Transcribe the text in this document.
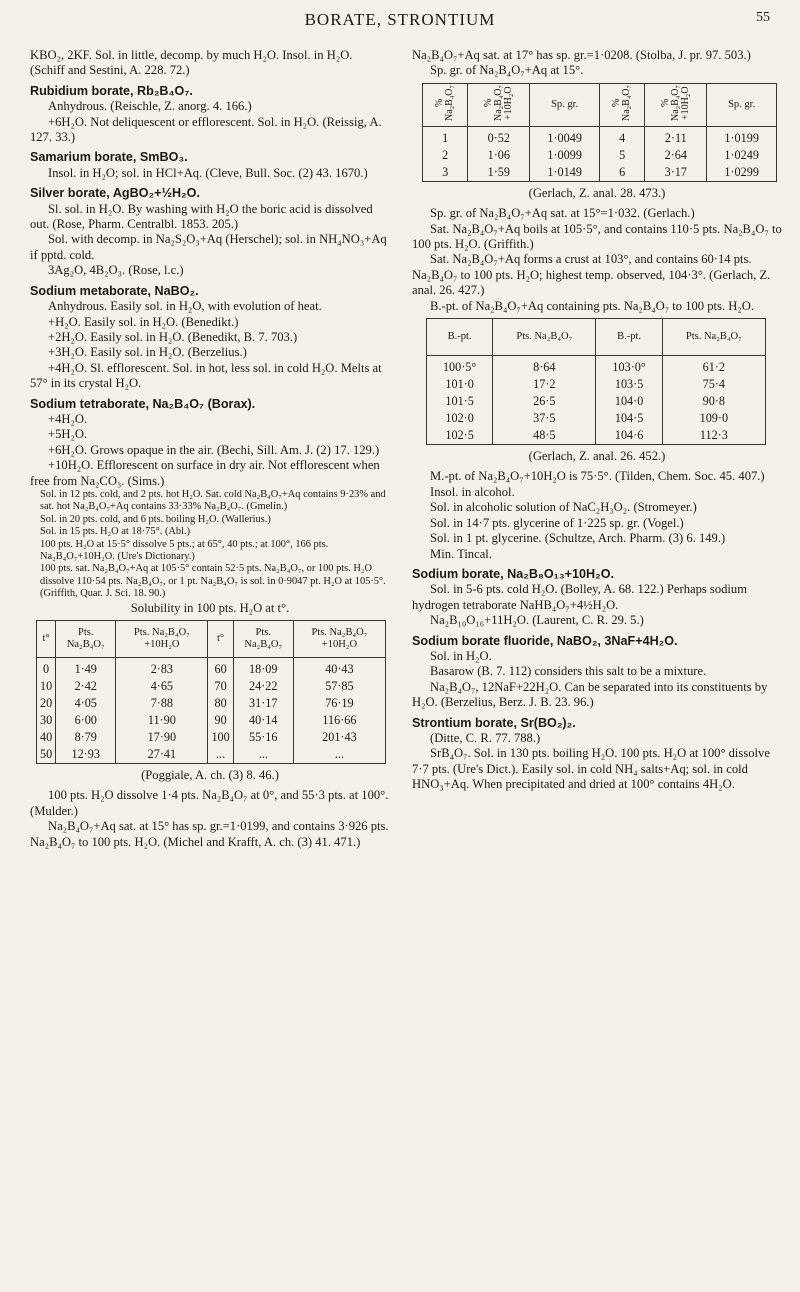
BORATE, STRONTIUM	55

KBO₂, 2KF. Sol. in little, decomp. by much H₂O. Insol. in H₂O. (Schiff and Sestini, A. 228. 72.)

Rubidium borate, Rb₂B₄O₇.

Anhydrous. (Reischle, Z. anorg. 4. 166.)

+6H₂O. Not deliquescent or efflorescent. Sol. in H₂O. (Reissig, A. 127. 33.)

Samarium borate, SmBO₃.

Insol. in H₂O; sol. in HCl+Aq. (Cleve, Bull. Soc. (2) 43. 1670.)

Silver borate, AgBO₂+½H₂O.

Sl. sol. in H₂O. By washing with H₂O the boric acid is dissolved out. (Rose, Pharm. Centralbl. 1853. 205.)

Sol. with decomp. in Na₂S₂O₃+Aq (Herschel); sol. in NH₄NO₃+Aq if pptd. cold.

3Ag₂O, 4B₂O₃. (Rose, l.c.)

Sodium metaborate, NaBO₂.

Anhydrous. Easily sol. in H₂O, with evolution of heat.

+H₂O. Easily sol. in H₂O. (Benedikt.)

+2H₂O. Easily sol. in H₂O. (Benedikt, B. 7. 703.)

+3H₂O. Easily sol. in H₂O. (Berzelius.)

+4H₂O. Sl. efflorescent. Sol. in hot, less sol. in cold H₂O. Melts at 57° in its crystal H₂O.

Sodium tetraborate, Na₂B₄O₇ (Borax).

+4H₂O.

+5H₂O.

+6H₂O. Grows opaque in the air. (Bechi, Sill. Am. J. (2) 17. 129.)

+10H₂O. Efflorescent on surface in dry air. Not efflorescent when free from Na₂CO₃. (Sims.)

Sol. in 12 pts. cold, and 2 pts. hot H₂O. Sat. cold Na₂B₄O₇+Aq contains 9·23% and sat. hot Na₂B₄O₇+Aq contains 33·33% Na₂B₄O₇. (Gmelin.)

Sol. in 20 pts. cold, and 6 pts. boiling H₂O. (Wallerius.)

Sol. in 15 pts. H₂O at 18·75°. (Abl.)

100 pts. H₂O at 15·5° dissolve 5 pts.; at 65°, 40 pts.; at 100°, 166 pts. Na₂B₄O₇+10H₂O. (Ure's Dictionary.)

100 pts. sat. Na₂B₄O₇+Aq at 105·5° contain 52·5 pts. Na₂B₄O₇, or 100 pts. H₂O dissolve 110·54 pts. Na₂B₄O₇, or 1 pt. Na₂B₄O₇ is sol. in 0·9047 pt. H₂O at 105·5°. (Griffith, Quar. J. Sci. 18. 90.)

Solubility in 100 pts. H₂O at t°.

t°	Pts. Na₂B₄O₇	Pts. Na₂B₄O₇ +10H₂O	t°	Pts. Na₂B₄O₇	Pts. Na₂B₄O₇ +10H₂O
0	1·49	2·83	60	18·09	40·43
10	2·42	4·65	70	24·22	57·85
20	4·05	7·88	80	31·17	76·19
30	6·00	11·90	90	40·14	116·66
40	8·79	17·90	100	55·16	201·43
50	12·93	27·41	...	...	...

(Poggiale, A. ch. (3) 8. 46.)

100 pts. H₂O dissolve 1·4 pts. Na₂B₄O₇ at 0°, and 55·3 pts. at 100°. (Mulder.)

Na₂B₄O₇+Aq sat. at 15° has sp. gr.=1·0199, and contains 3·926 pts. Na₂B₄O₇ to 100 pts. H₂O. (Michel and Krafft, A. ch. (3) 41. 471.)

Na₂B₄O₇+Aq sat. at 17° has sp. gr.=1·0208. (Stolba, J. pr. 97. 503.)

Sp. gr. of Na₂B₄O₇+Aq at 15°.

% Na₂B₄O₇	% Na₂B₄O₇ +10H₂O	Sp. gr.	% Na₂B₄O₇	% Na₂B₄O₇ +10H₂O	Sp. gr.
1	0·52	1·0049	4	2·11	1·0199
2	1·06	1·0099	5	2·64	1·0249
3	1·59	1·0149	6	3·17	1·0299

(Gerlach, Z. anal. 28. 473.)

Sp. gr. of Na₂B₄O₇+Aq sat. at 15°=1·032. (Gerlach.)

Sat. Na₂B₄O₇+Aq boils at 105·5°, and contains 110·5 pts. Na₂B₄O₇ to 100 pts. H₂O. (Griffith.)

Sat. Na₂B₄O₇+Aq forms a crust at 103°, and contains 60·14 pts. Na₂B₄O₇ to 100 pts. H₂O; highest temp. observed, 104·3°. (Gerlach, Z. anal. 26. 427.)

B.-pt. of Na₂B₄O₇+Aq containing pts. Na₂B₄O₇ to 100 pts. H₂O.

B.-pt.	Pts. Na₂B₄O₇	B.-pt.	Pts. Na₂B₄O₇
100·5°	8·64	103·0°	61·2
101·0	17·2	103·5	75·4
101·5	26·5	104·0	90·8
102·0	37·5	104·5	109·0
102·5	48·5	104·6	112·3

(Gerlach, Z. anal. 26. 452.)

M.-pt. of Na₂B₄O₇+10H₂O is 75·5°. (Tilden, Chem. Soc. 45. 407.)

Insol. in alcohol.

Sol. in alcoholic solution of NaC₂H₃O₂. (Stromeyer.)

Sol. in 14·7 pts. glycerine of 1·225 sp. gr. (Vogel.)

Sol. in 1 pt. glycerine. (Schultze, Arch. Pharm. (3) 6. 149.)

Min. Tincal.

Sodium borate, Na₂B₈O₁₃+10H₂O.

Sol. in 5-6 pts. cold H₂O. (Bolley, A. 68. 122.) Perhaps sodium hydrogen tetraborate NaHB₄O₇+4½H₂O.

Na₂B₁₀O₁₆+11H₂O. (Laurent, C. R. 29. 5.)

Sodium borate fluoride, NaBO₂, 3NaF+4H₂O.

Sol. in H₂O.

Basarow (B. 7. 112) considers this salt to be a mixture.

Na₂B₄O₇, 12NaF+22H₂O. Can be separated into its constituents by H₂O. (Berzelius, Berz. J. B. 23. 96.)

Strontium borate, Sr(BO₂)₂.

(Ditte, C. R. 77. 788.)

SrB₄O₇. Sol. in 130 pts. boiling H₂O. 100 pts. H₂O at 100° dissolve 7·7 pts. (Ure's Dict.). Easily sol. in cold NH₄ salts+Aq; sol. in cold HNO₃+Aq. When precipitated and dried at 100° contains 4H₂O.
